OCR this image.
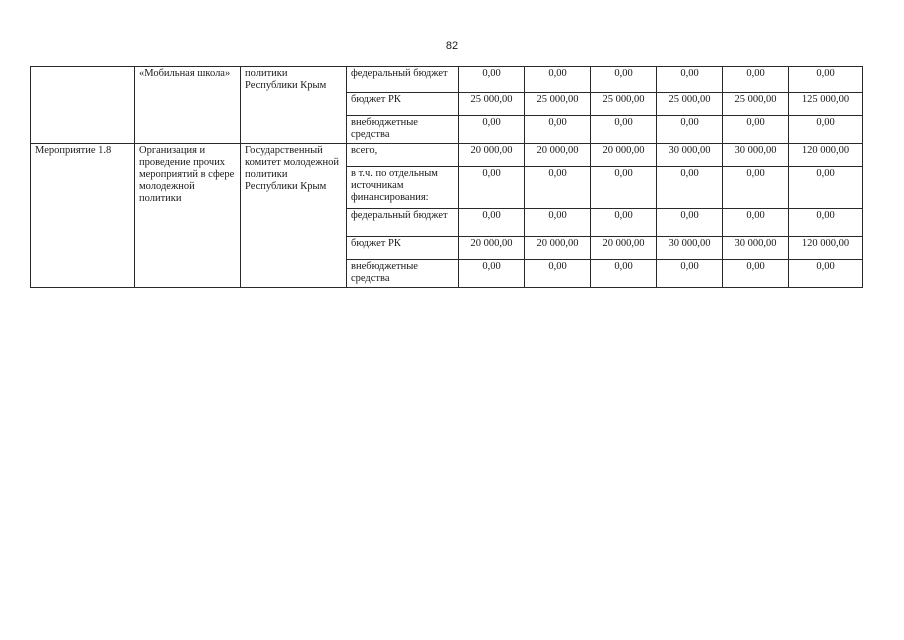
82
	«Мобильная школа»	политики Республики Крым	федеральный бюджет	0,00	0,00	0,00	0,00	0,00	0,00
			бюджет РК	25 000,00	25 000,00	25 000,00	25 000,00	25 000,00	125 000,00
			внебюджетные средства	0,00	0,00	0,00	0,00	0,00	0,00
Мероприятие 1.8	Организация и проведение прочих мероприятий в сфере молодежной политики	Государственный комитет молодежной политики Республики Крым	всего,	20 000,00	20 000,00	20 000,00	30 000,00	30 000,00	120 000,00
			в т.ч. по отдельным источникам финансирования:	0,00	0,00	0,00	0,00	0,00	0,00
			федеральный бюджет	0,00	0,00	0,00	0,00	0,00	0,00
			бюджет РК	20 000,00	20 000,00	20 000,00	30 000,00	30 000,00	120 000,00
			внебюджетные средства	0,00	0,00	0,00	0,00	0,00	0,00
